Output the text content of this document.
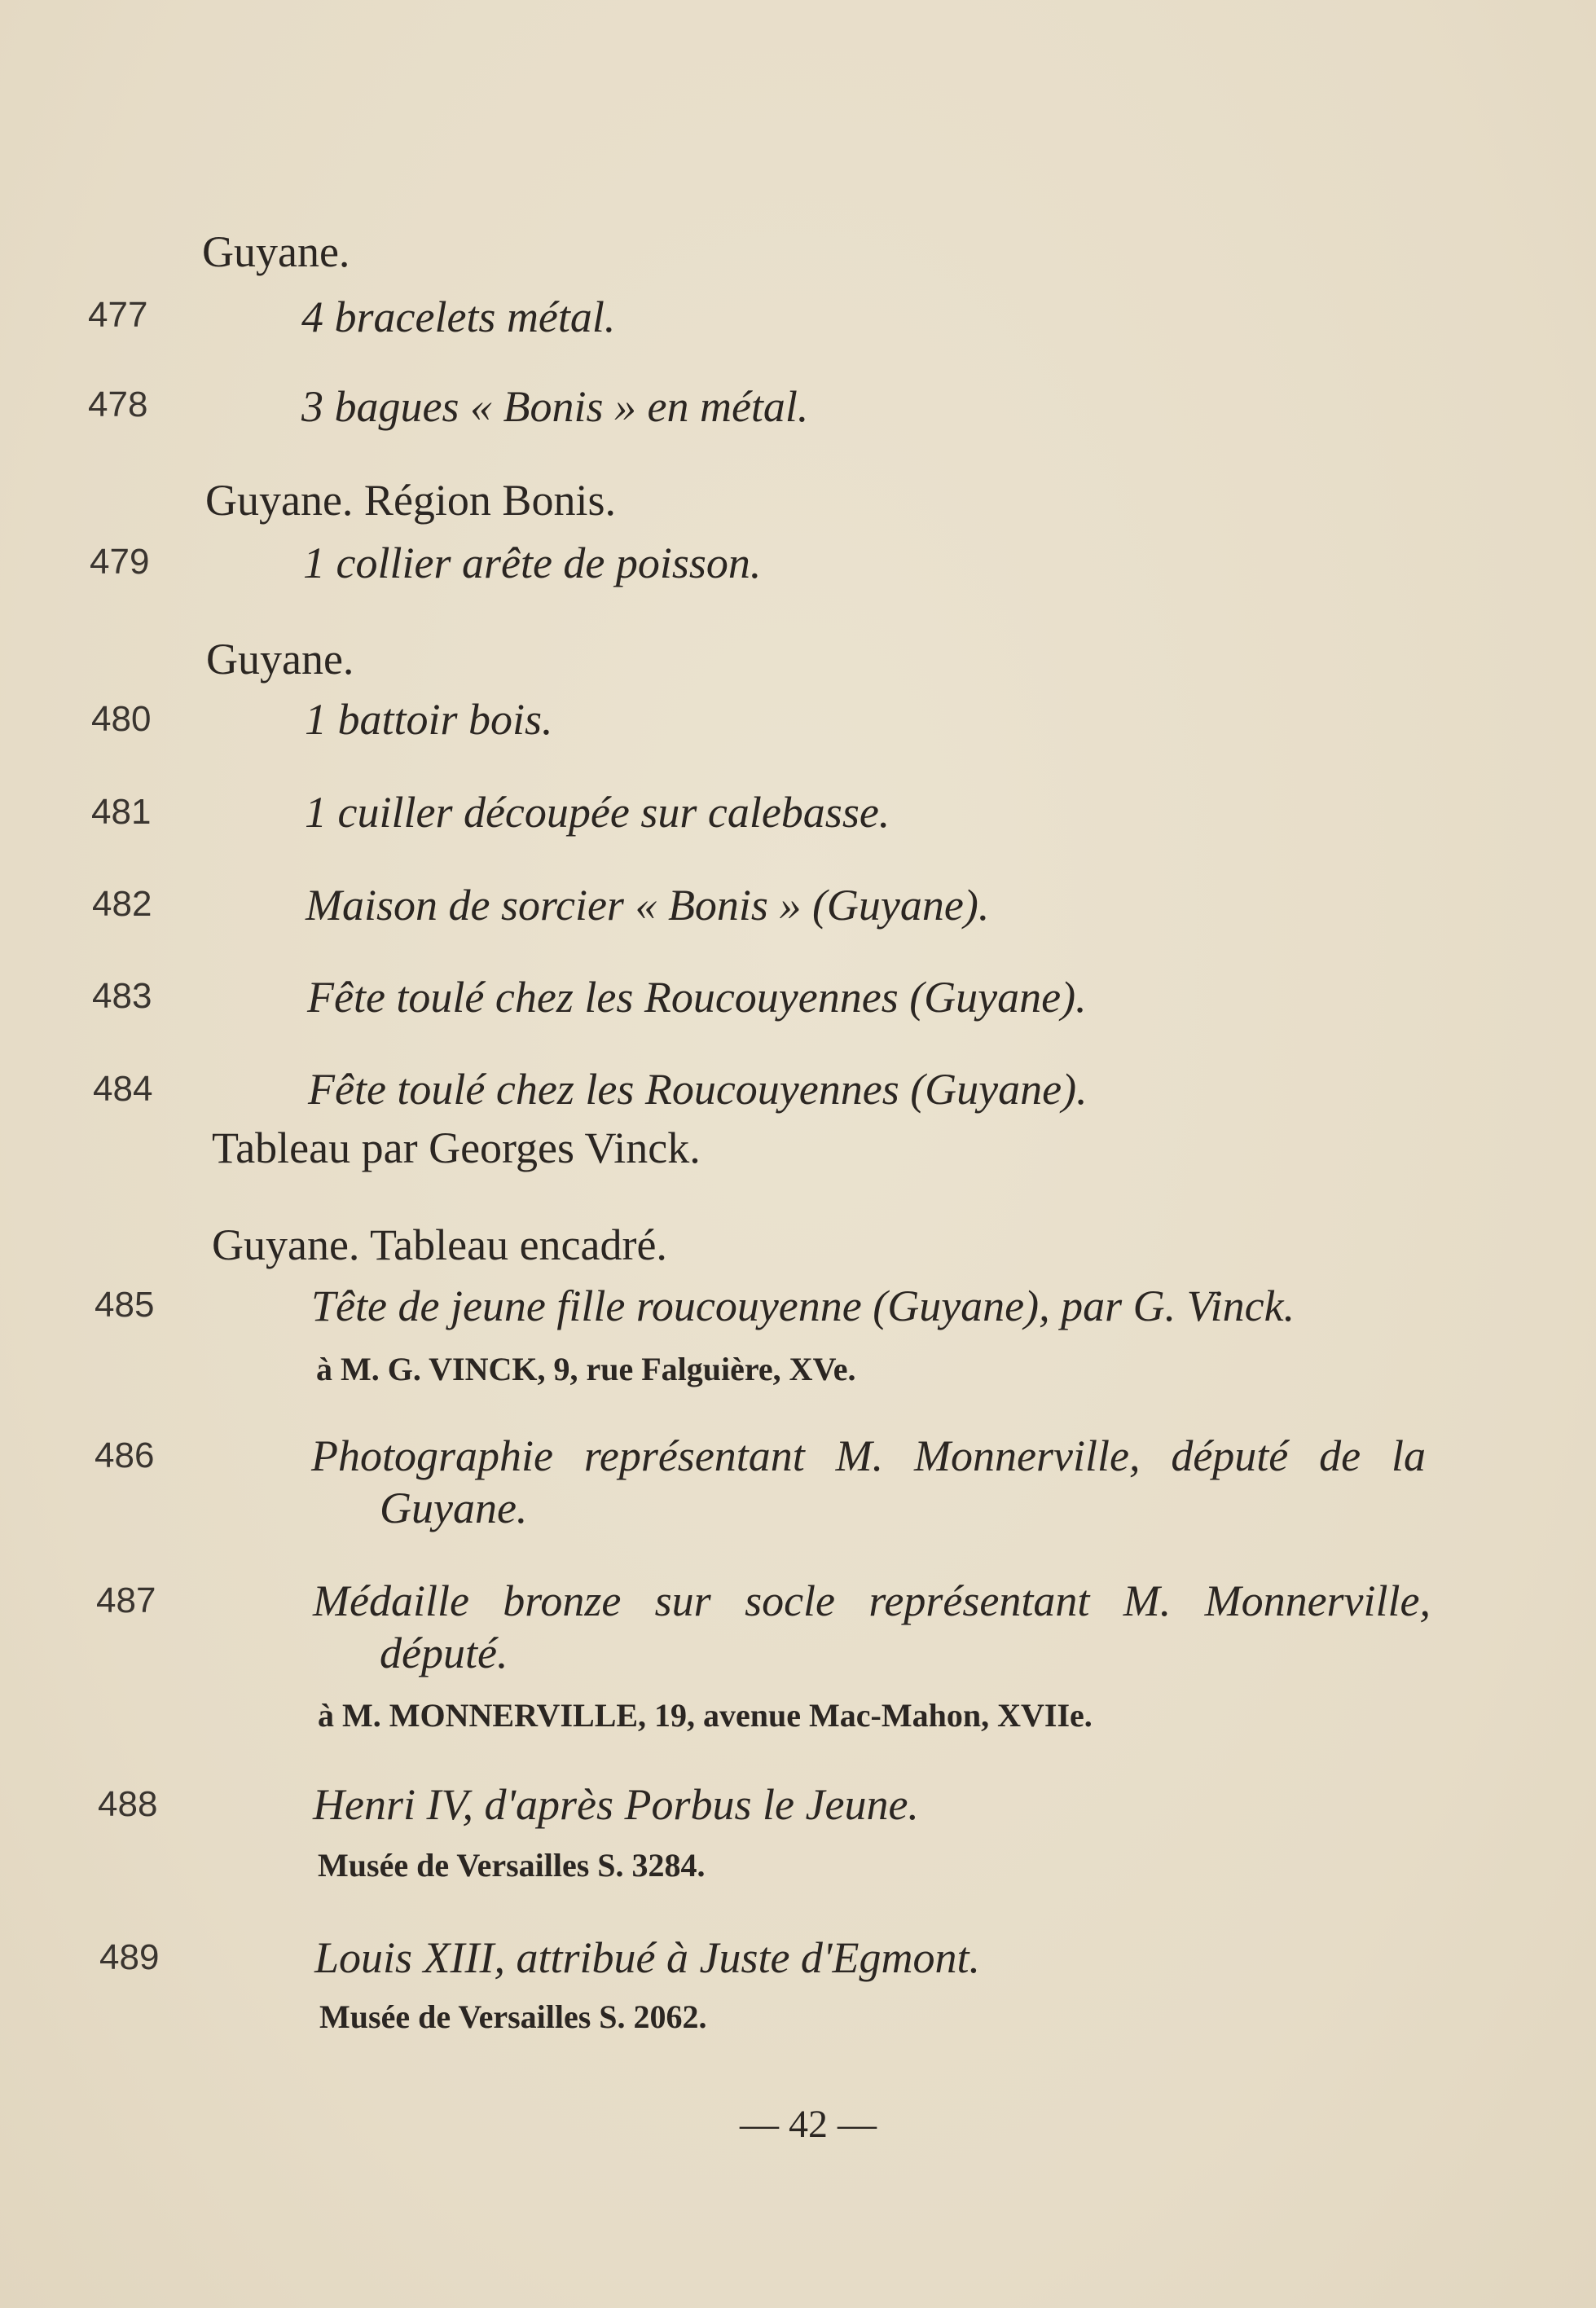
Guyane.
477	4 bracelets métal.
478	3 bagues « Bonis » en métal.
Guyane. Région Bonis.
479	1 collier arête de poisson.
Guyane.
480	1 battoir bois.
481	1 cuiller découpée sur calebasse.
482	Maison de sorcier « Bonis » (Guyane).
483	Fête toulé chez les Roucouyennes (Guyane).
484	Fête toulé chez les Roucouyennes (Guyane).
Tableau par Georges Vinck.
Guyane. Tableau encadré.
485	Tête de jeune fille roucouyenne (Guyane), par G. Vinck.
à M. G. VINCK, 9, rue Falguière, XVe.
486	Photographie représentant M. Monnerville, député de la
Guyane.
487	Médaille bronze sur socle représentant M. Monnerville,
député.
à M. MONNERVILLE, 19, avenue Mac-Mahon, XVIIe.
488	Henri IV, d'après Porbus le Jeune.
Musée de Versailles S. 3284.
489	Louis XIII, attribué à Juste d'Egmont.
Musée de Versailles S. 2062.
— 42 —
